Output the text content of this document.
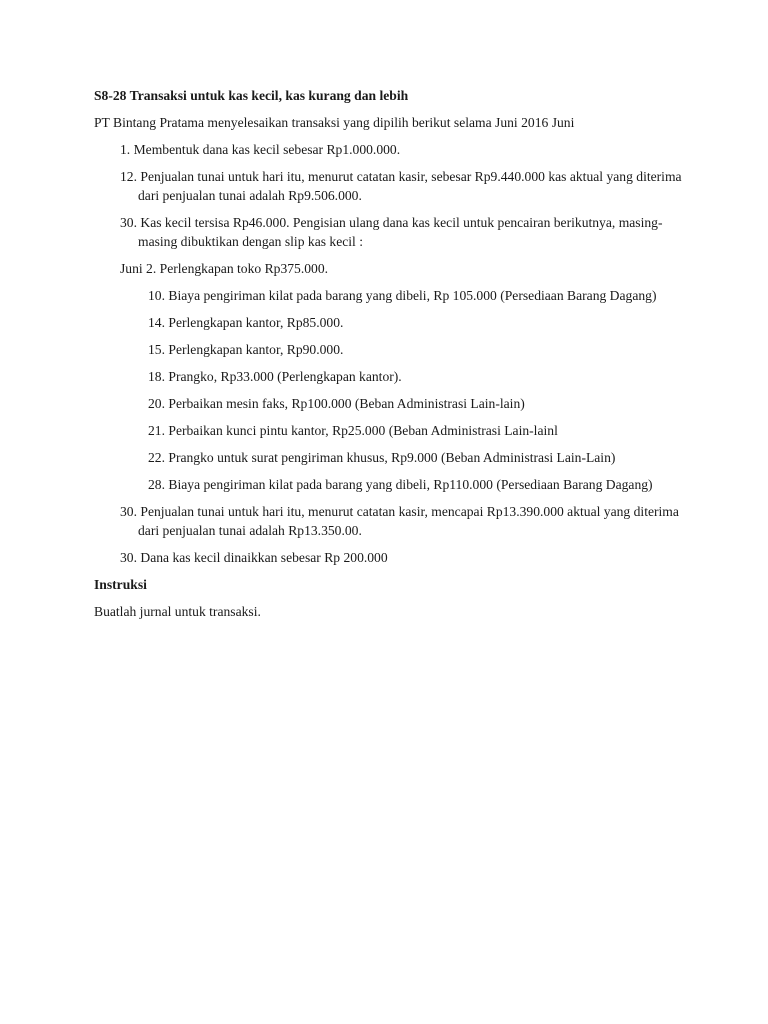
S8-28 Transaksi untuk kas kecil, kas kurang dan lebih

PT Bintang Pratama menyelesaikan transaksi yang dipilih berikut selama Juni 2016 Juni

1. Membentuk dana kas kecil sebesar Rp1.000.000.

12. Penjualan tunai untuk hari itu, menurut catatan kasir, sebesar Rp9.440.000 kas aktual yang diterima dari penjualan tunai adalah Rp9.506.000.

30. Kas kecil tersisa Rp46.000. Pengisian ulang dana kas kecil untuk pencairan berikutnya, masing-masing dibuktikan dengan slip kas kecil :

Juni 2. Perlengkapan toko Rp375.000.

10. Biaya pengiriman kilat pada barang yang dibeli, Rp 105.000 (Persediaan Barang Dagang)

14. Perlengkapan kantor, Rp85.000.

15. Perlengkapan kantor, Rp90.000.

18. Prangko, Rp33.000 (Perlengkapan kantor).

20. Perbaikan mesin faks, Rp100.000 (Beban Administrasi Lain-lain)

21. Perbaikan kunci pintu kantor, Rp25.000 (Beban Administrasi Lain-lainl

22. Prangko untuk surat pengiriman khusus, Rp9.000 (Beban Administrasi Lain-Lain)

28. Biaya pengiriman kilat pada barang yang dibeli, Rp110.000 (Persediaan Barang Dagang)

30. Penjualan tunai untuk hari itu, menurut catatan kasir, mencapai Rp13.390.000 aktual yang diterima dari penjualan tunai adalah Rp13.350.00.

30. Dana kas kecil dinaikkan sebesar Rp 200.000

Instruksi

Buatlah jurnal untuk transaksi.
